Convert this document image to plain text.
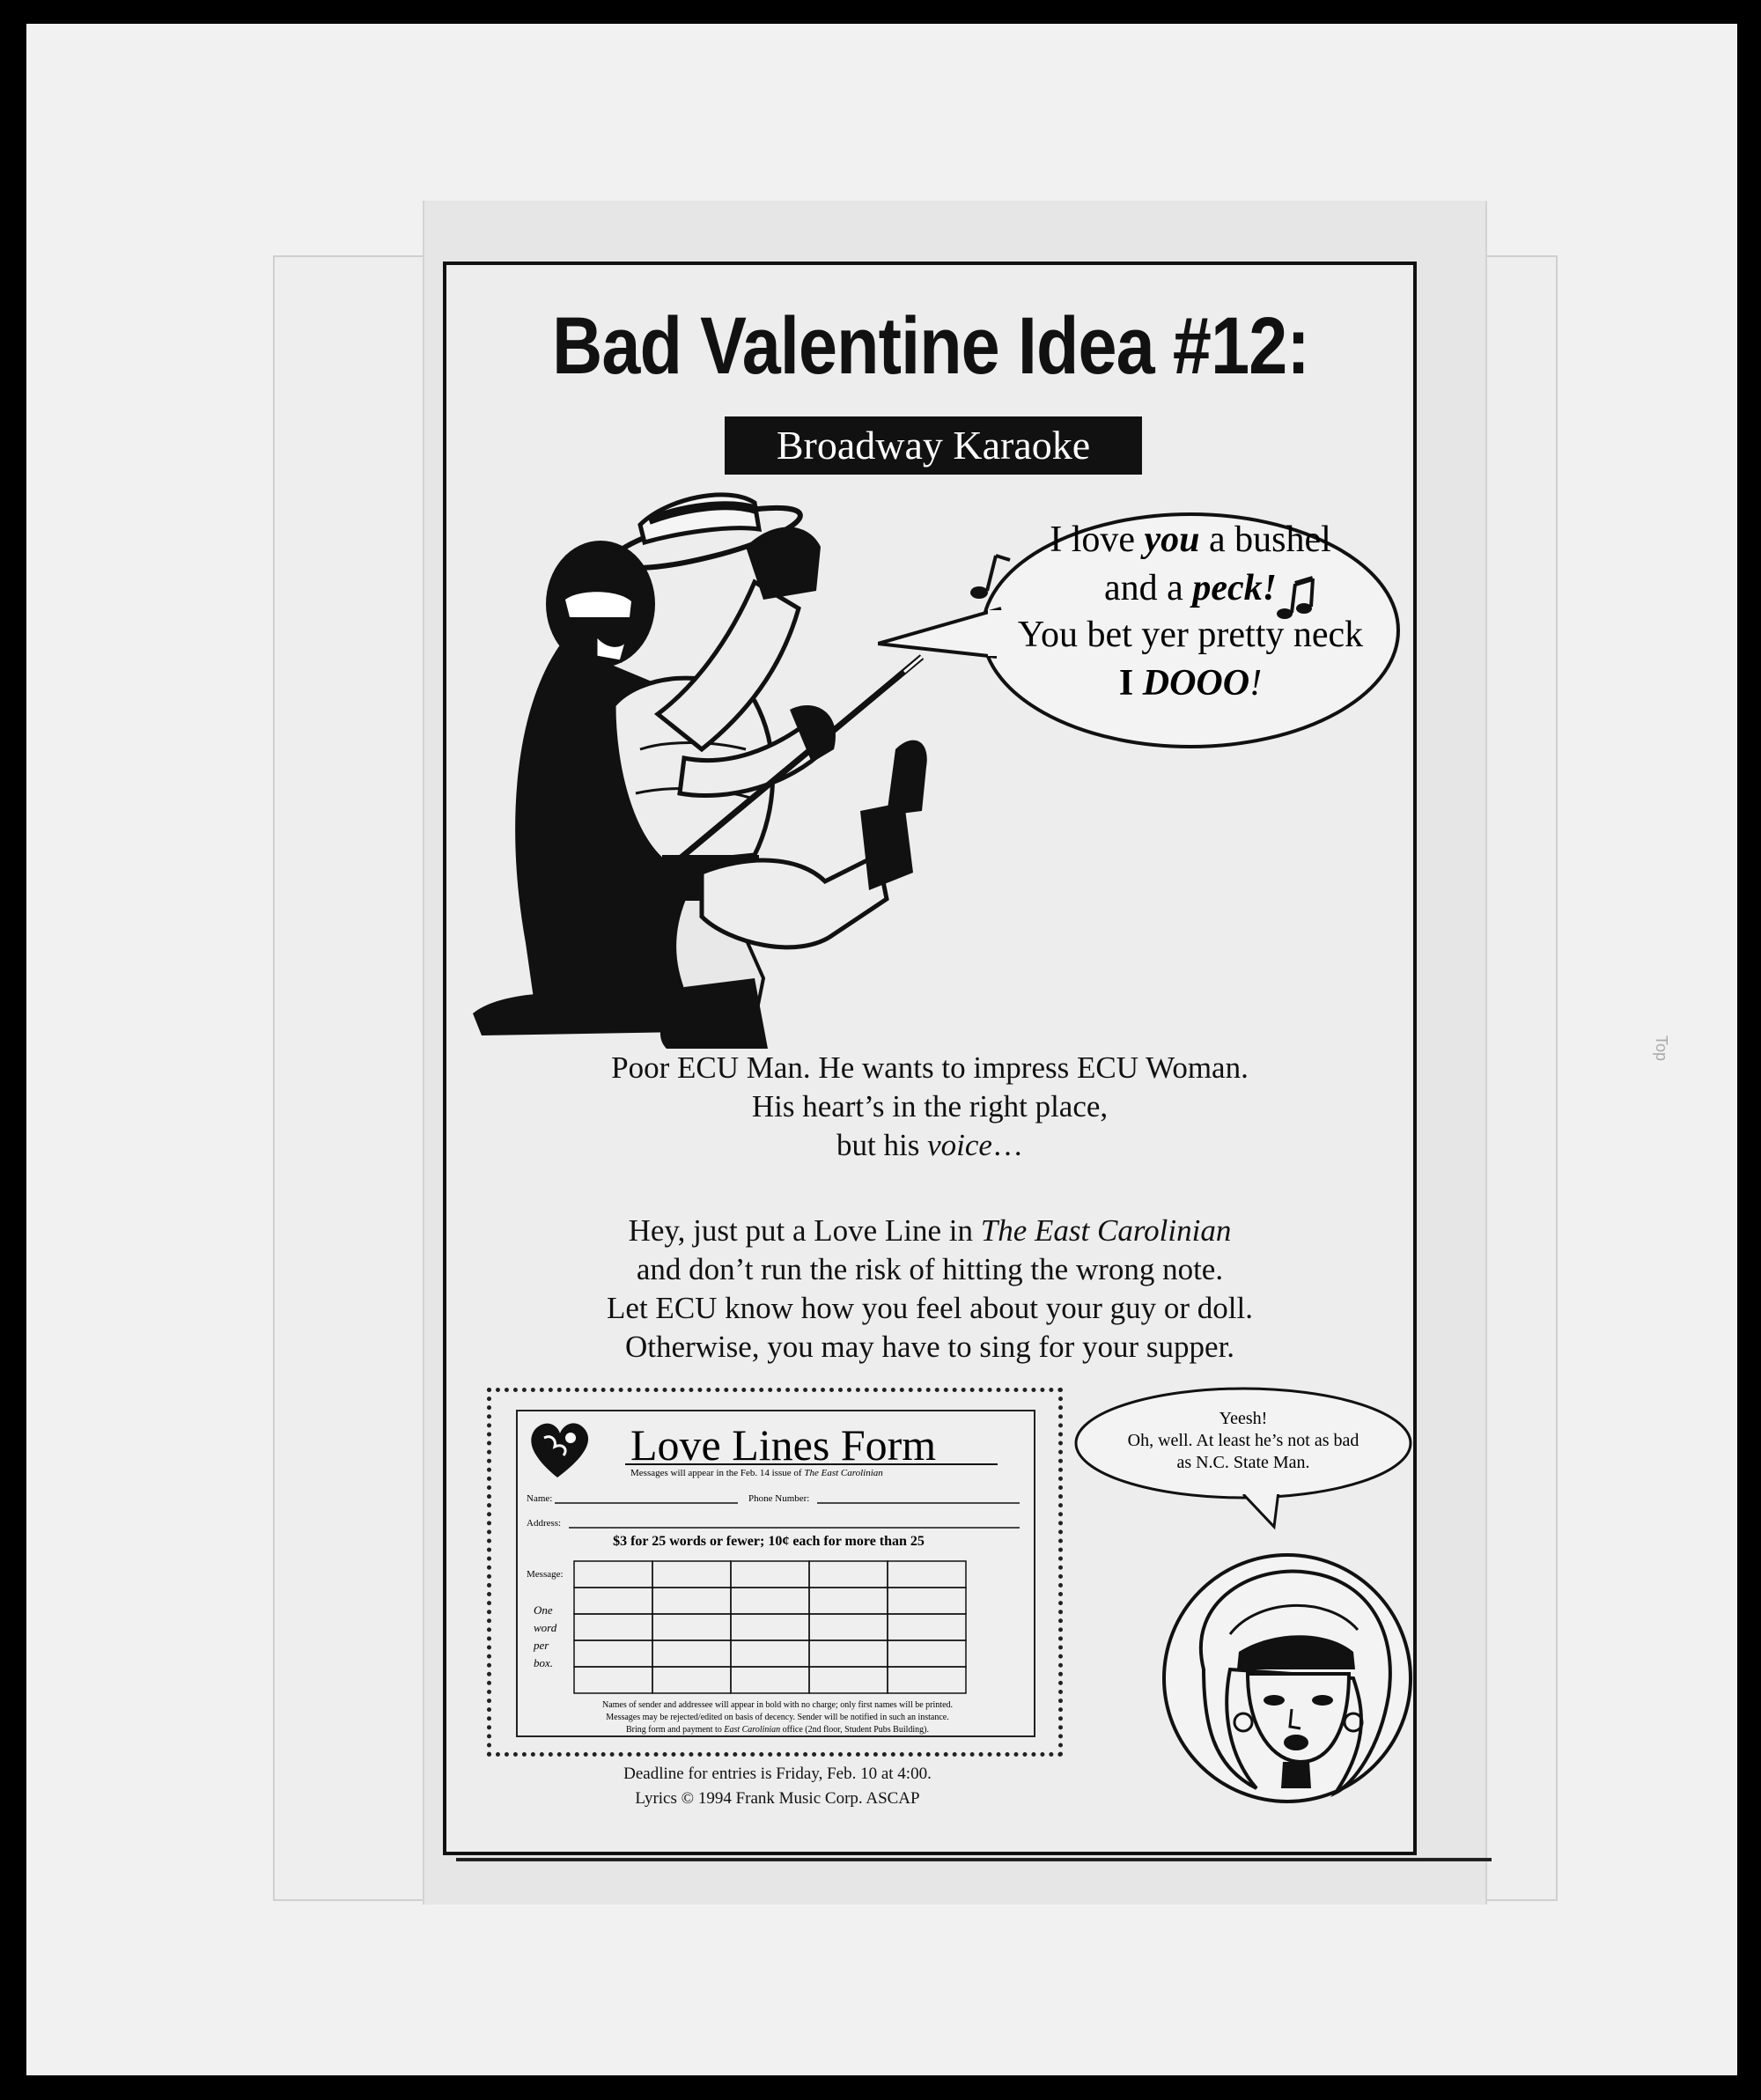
Top
Bad Valentine Idea #12:
Broadway Karaoke
I love you a bushel
and a peck!
You bet yer pretty neck
I DOOO!
Poor ECU Man. He wants to impress ECU Woman.
His heart’s in the right place,
but his voice…
Hey, just put a Love Line in The East Carolinian
and don’t run the risk of hitting the wrong note.
Let ECU know how you feel about your guy or doll.
Otherwise, you may have to sing for your supper.
Love Lines Form
Messages will appear in the Feb. 14 issue of The East Carolinian
Name:	Phone Number:
Address:
$3 for 25 words or fewer; 10¢ each for more than 25
Message:
One
word
per
box.
Names of sender and addressee will appear in bold with no charge; only first names will be printed.
Messages may be rejected/edited on basis of decency. Sender will be notified in such an instance.
Bring form and payment to East Carolinian office (2nd floor, Student Pubs Building).
Yeesh!
Oh, well. At least he’s not as bad
as N.C. State Man.
Deadline for entries is Friday, Feb. 10 at 4:00.
Lyrics © 1994 Frank Music Corp. ASCAP
